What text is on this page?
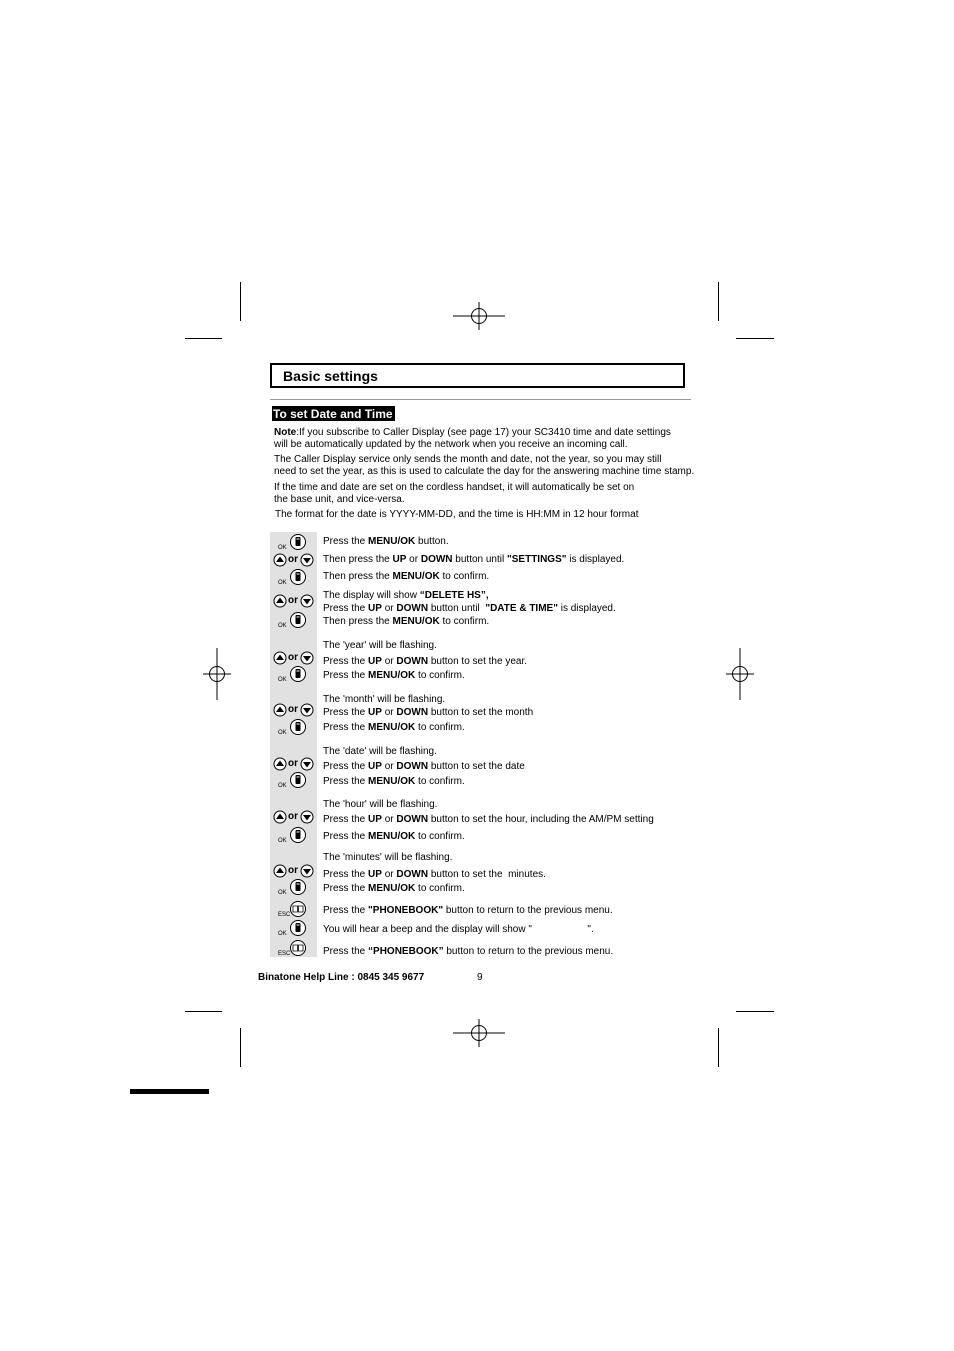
Basic settings
To set Date and Time
Note:If you subscribe to Caller Display (see page 17) your SC3410 time and date settings
will be automatically updated by the network when you receive an incoming call.
The Caller Display service only sends the month and date, not the year, so you may still
need to set the year, as this is used to calculate the day for the answering machine time stamp.
If the time and date are set on the cordless handset, it will automatically be set on
the base unit, and vice-versa.
The format for the date is YYYY-MM-DD, and the time is HH:MM in 12 hour format
OK
or
OK
or
OK
or
OK
or
OK
or
OK
or
OK
or
OK
ESC
OK
ESC
Press the MENU/OK button.
Then press the UP or DOWN button until "SETTINGS" is displayed.
Then press the MENU/OK to confirm.
The display will show “DELETE HS”,
Press the UP or DOWN button until  "DATE & TIME" is displayed.
Then press the MENU/OK to confirm.
The 'year' will be flashing.
Press the UP or DOWN button to set the year.
Press the MENU/OK to confirm.
The 'month' will be flashing.
Press the UP or DOWN button to set the month
Press the MENU/OK to confirm.
The 'date' will be flashing.
Press the UP or DOWN button to set the date
Press the MENU/OK to confirm.
The 'hour' will be flashing.
Press the UP or DOWN button to set the hour, including the AM/PM setting
Press the MENU/OK to confirm.
The 'minutes' will be flashing.
Press the UP or DOWN button to set the  minutes.
Press the MENU/OK to confirm.
Press the "PHONEBOOK" button to return to the previous menu.
You will hear a beep and the display will show "                    ".
Press the “PHONEBOOK” button to return to the previous menu.
Binatone Help Line : 0845 345 9677	9
